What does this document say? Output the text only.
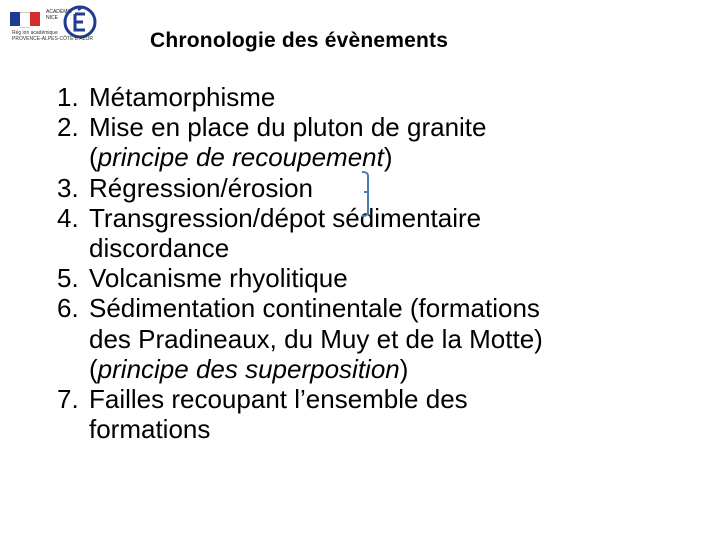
ACADÉMIE
NICE
Rég ion académique
PROVENCE-ALPES-CÔTE D'AZUR	Chronologie des évènements
1. Métamorphisme
2. Mise en place du pluton de granite
(principe de recoupement)
3. Régression/érosion
4. Transgression/dépot sédimentaire
discordance
5. Volcanisme rhyolitique
6. Sédimentation continentale (formations
des Pradineaux, du Muy et de la Motte)
(principe des superposition)
7. Failles recoupant l’ensemble des
formations
